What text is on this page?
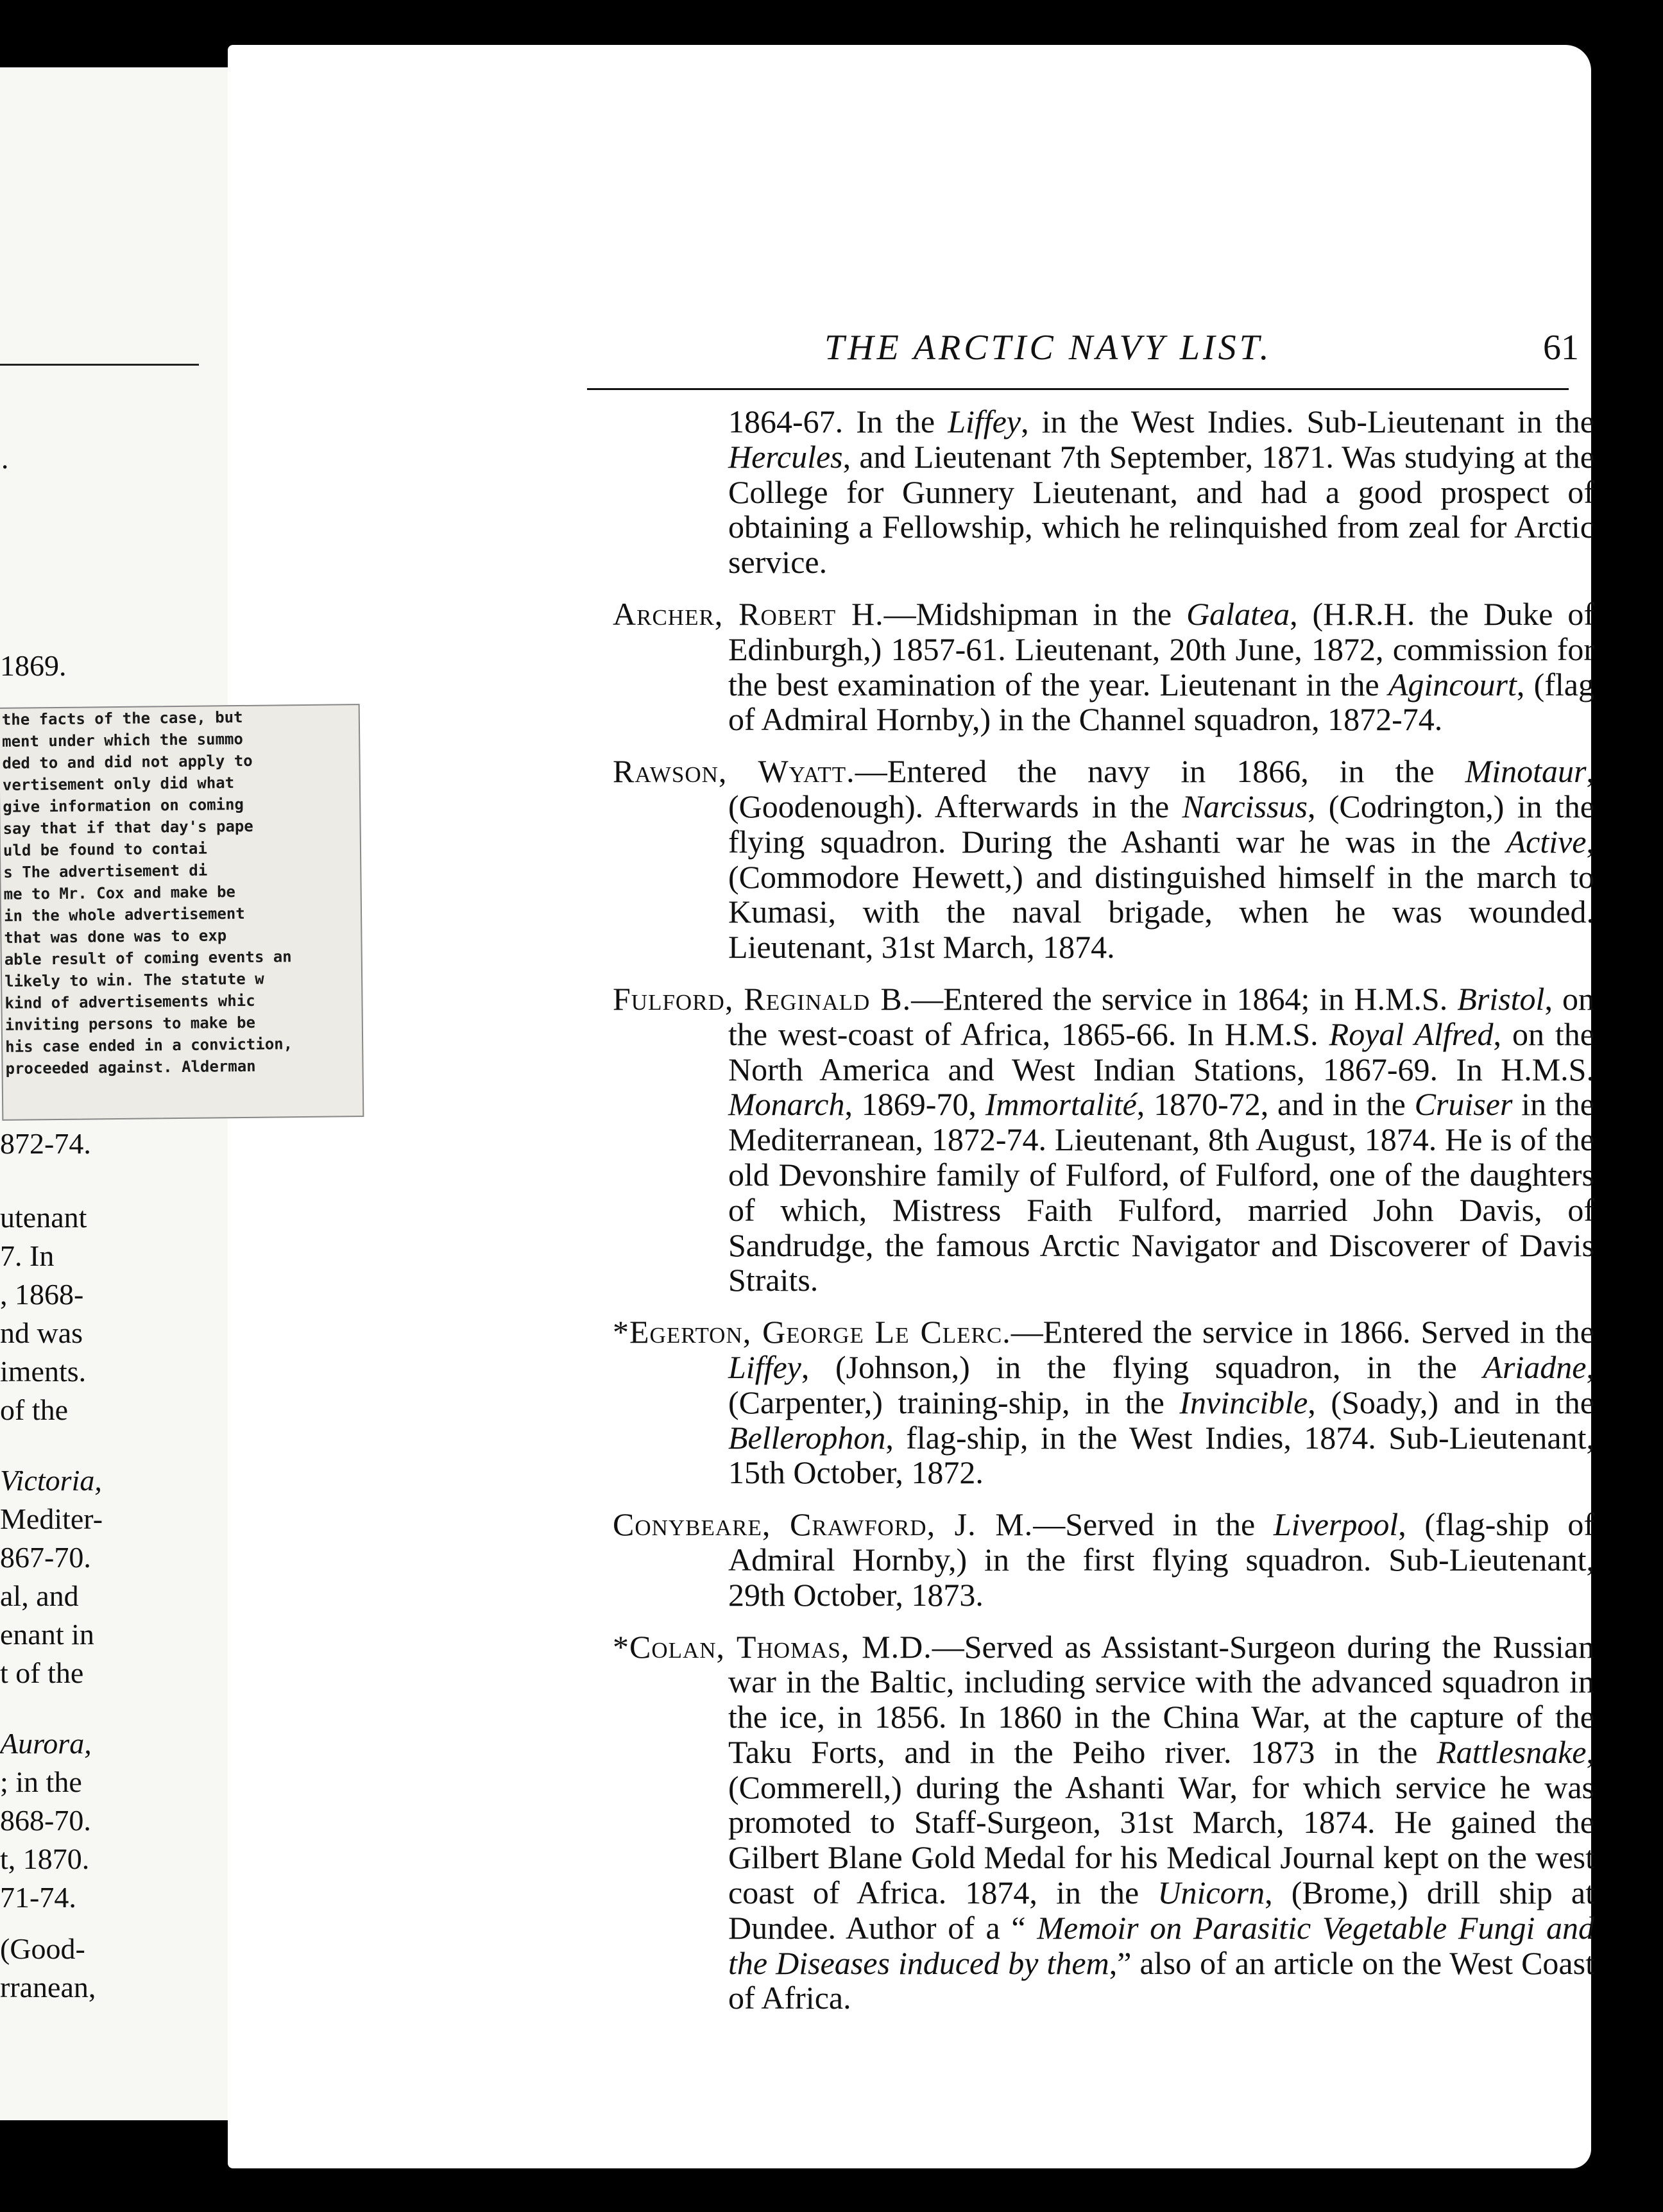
·
1869.
872-74.
utenant
7. In
, 1868-
nd was
iments.
of the
Victoria,
Mediter-
867-70.
al, and
enant in
t of the
Aurora,
; in the
868-70.
t, 1870.
71-74.
(Good-
rranean,
the facts of the case, but
ment under which the summo
ded to and did not apply to
vertisement only did what
give information on coming
say that if that day's pape
uld be found to contai
s The advertisement di
me to Mr. Cox and make be
in the whole advertisement
that was done was to exp
able result of coming events an
likely to win. The statute w
kind of advertisements whic
inviting persons to make be
his case ended in a conviction,
proceeded against. Alderman
THE ARCTIC NAVY LIST.	61

1864-67. In the Liffey, in the West Indies. Sub-Lieutenant in the Hercules, and Lieutenant 7th September, 1871. Was studying at the College for Gunnery Lieutenant, and had a good prospect of obtaining a Fellowship, which he relinquished from zeal for Arctic service.

Archer, Robert H.—Midshipman in the Galatea, (H.R.H. the Duke of Edinburgh,) 1857-61. Lieutenant, 20th June, 1872, commission for the best examination of the year. Lieutenant in the Agincourt, (flag of Admiral Hornby,) in the Channel squadron, 1872-74.

Rawson, Wyatt.—Entered the navy in 1866, in the Minotaur, (Goodenough). Afterwards in the Narcissus, (Codrington,) in the flying squadron. During the Ashanti war he was in the Active, (Commodore Hewett,) and distinguished himself in the march to Kumasi, with the naval brigade, when he was wounded. Lieutenant, 31st March, 1874.

Fulford, Reginald B.—Entered the service in 1864; in H.M.S. Bristol, on the west-coast of Africa, 1865-66. In H.M.S. Royal Alfred, on the North America and West Indian Stations, 1867-69. In H.M.S. Monarch, 1869-70, Immortalité, 1870-72, and in the Cruiser in the Mediterranean, 1872-74. Lieutenant, 8th August, 1874. He is of the old Devonshire family of Fulford, of Fulford, one of the daughters of which, Mistress Faith Fulford, married John Davis, of Sandrudge, the famous Arctic Navigator and Discoverer of Davis Straits.

*Egerton, George Le Clerc.—Entered the service in 1866. Served in the Liffey, (Johnson,) in the flying squadron, in the Ariadne, (Carpenter,) training-ship, in the Invincible, (Soady,) and in the Bellerophon, flag-ship, in the West Indies, 1874. Sub-Lieutenant, 15th October, 1872.

Conybeare, Crawford, J. M.—Served in the Liverpool, (flag-ship of Admiral Hornby,) in the first flying squadron. Sub-Lieutenant, 29th October, 1873.

*Colan, Thomas, M.D.—Served as Assistant-Surgeon during the Russian war in the Baltic, including service with the advanced squadron in the ice, in 1856. In 1860 in the China War, at the capture of the Taku Forts, and in the Peiho river. 1873 in the Rattlesnake, (Commerell,) during the Ashanti War, for which service he was promoted to Staff-Surgeon, 31st March, 1874. He gained the Gilbert Blane Gold Medal for his Medical Journal kept on the west coast of Africa. 1874, in the Unicorn, (Brome,) drill ship at Dundee. Author of a “ Memoir on Parasitic Vegetable Fungi and the Diseases induced by them,” also of an article on the West Coast of Africa.
